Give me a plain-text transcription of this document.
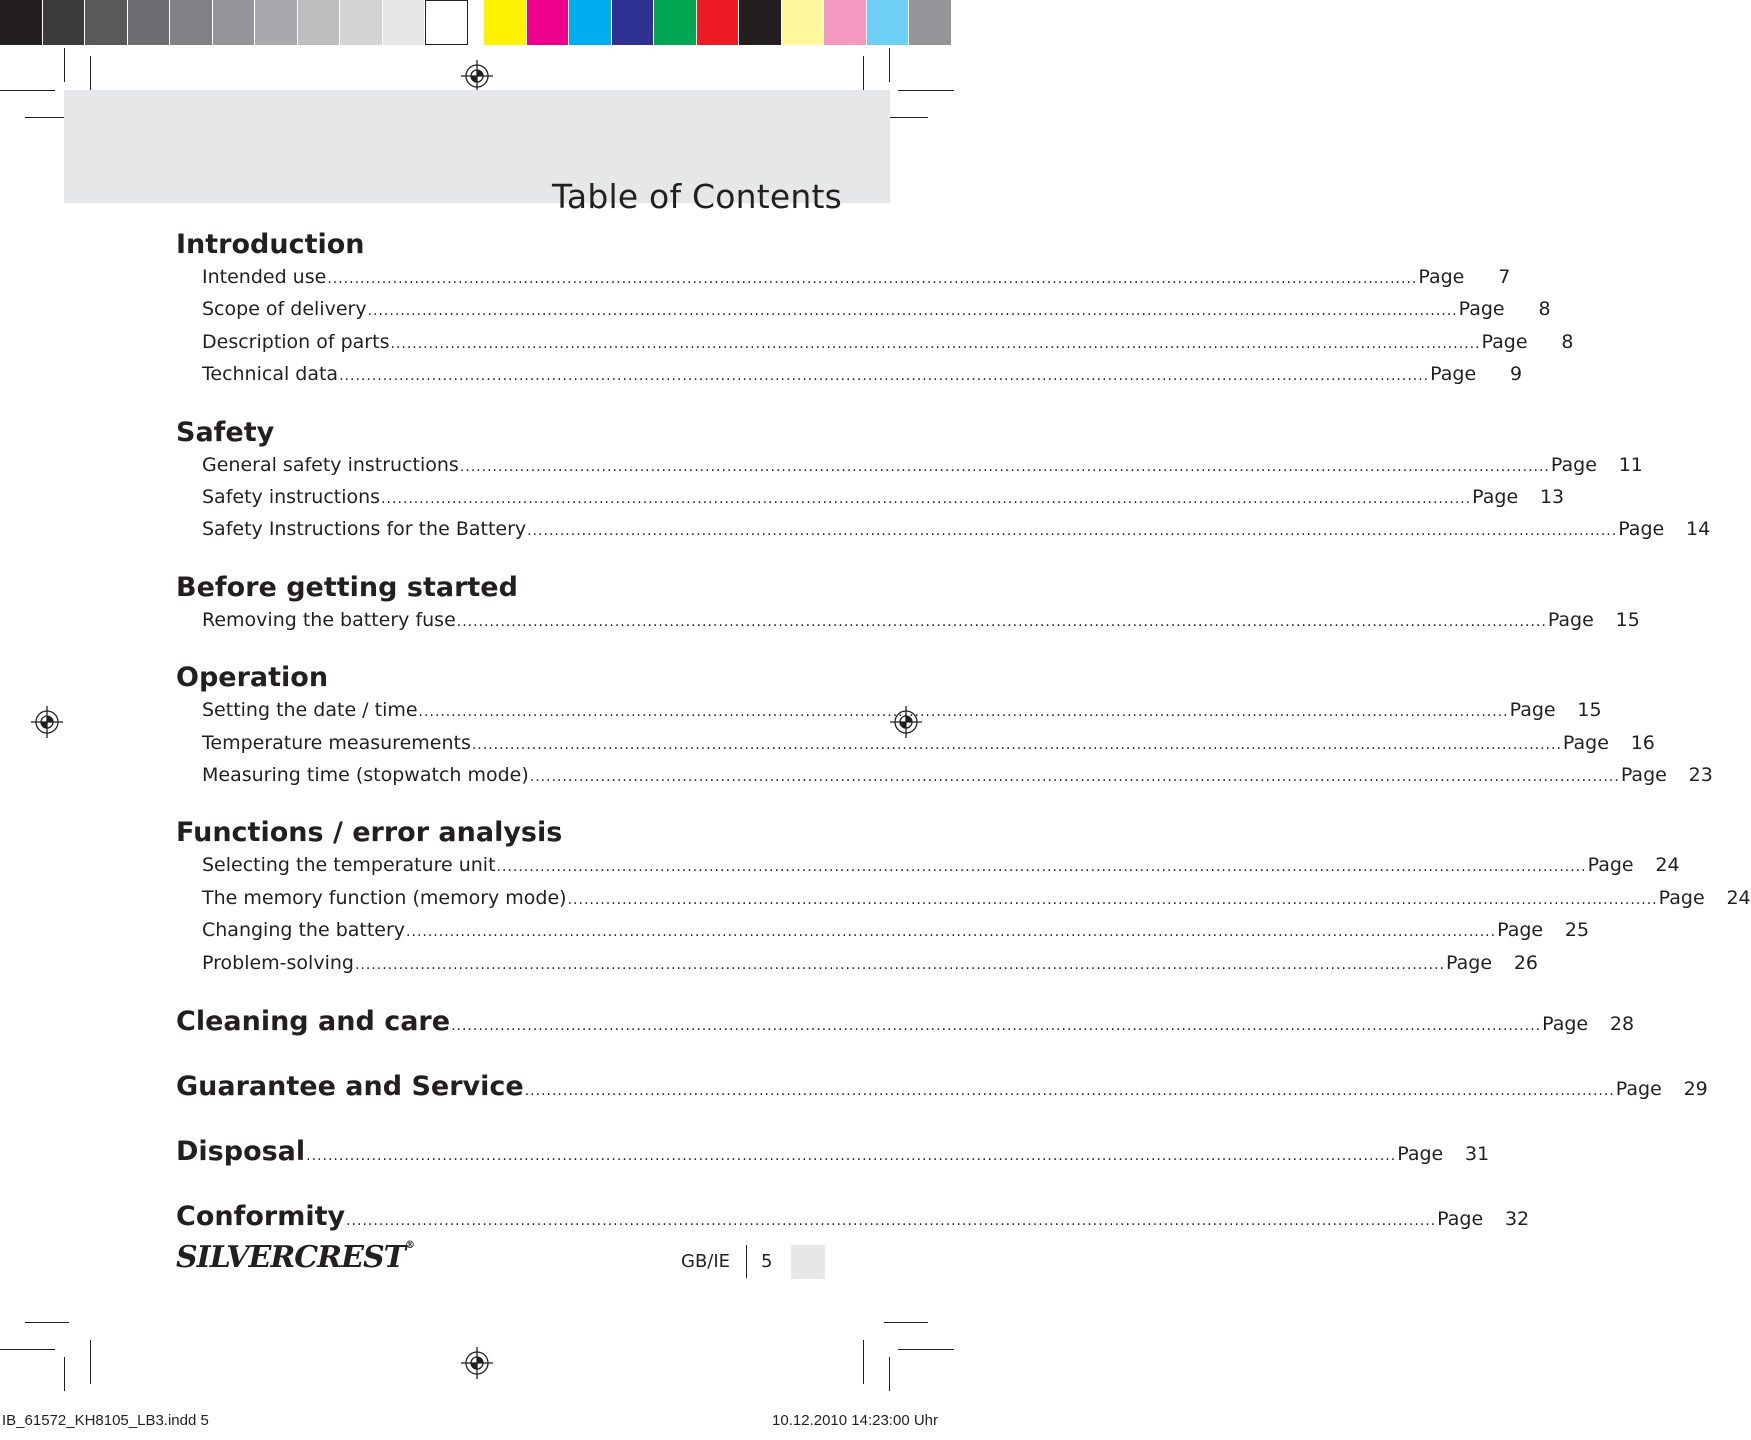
Table of Contents
Introduction
Intended use ........................................................................................................................................................................................................ Page	7
Scope of delivery ........................................................................................................................................................................................................ Page	8
Description of parts ........................................................................................................................................................................................................ Page	8
Technical data ........................................................................................................................................................................................................ Page	9
Safety
General safety instructions ........................................................................................................................................................................................................ Page	11
Safety instructions ........................................................................................................................................................................................................ Page	13
Safety Instructions for the Battery ........................................................................................................................................................................................................ Page	14
Before getting started
Removing the battery fuse ........................................................................................................................................................................................................ Page	15
Operation
Setting the date / time ........................................................................................................................................................................................................ Page	15
Temperature measurements ........................................................................................................................................................................................................ Page	16
Measuring time (stopwatch mode) ........................................................................................................................................................................................................ Page	23
Functions / error analysis
Selecting the temperature unit ........................................................................................................................................................................................................ Page	24
The memory function (memory mode) ........................................................................................................................................................................................................ Page	24
Changing the battery ........................................................................................................................................................................................................ Page	25
Problem-solving ........................................................................................................................................................................................................ Page	26
Cleaning and care ........................................................................................................................................................................................................ Page	28
Guarantee and Service ........................................................................................................................................................................................................ Page	29
Disposal ........................................................................................................................................................................................................ Page	31
Conformity ........................................................................................................................................................................................................ Page	32
SILVERCREST®
GB/IE 5
IB_61572_KH8105_LB3.indd 5	10.12.2010 14:23:00 Uhr
